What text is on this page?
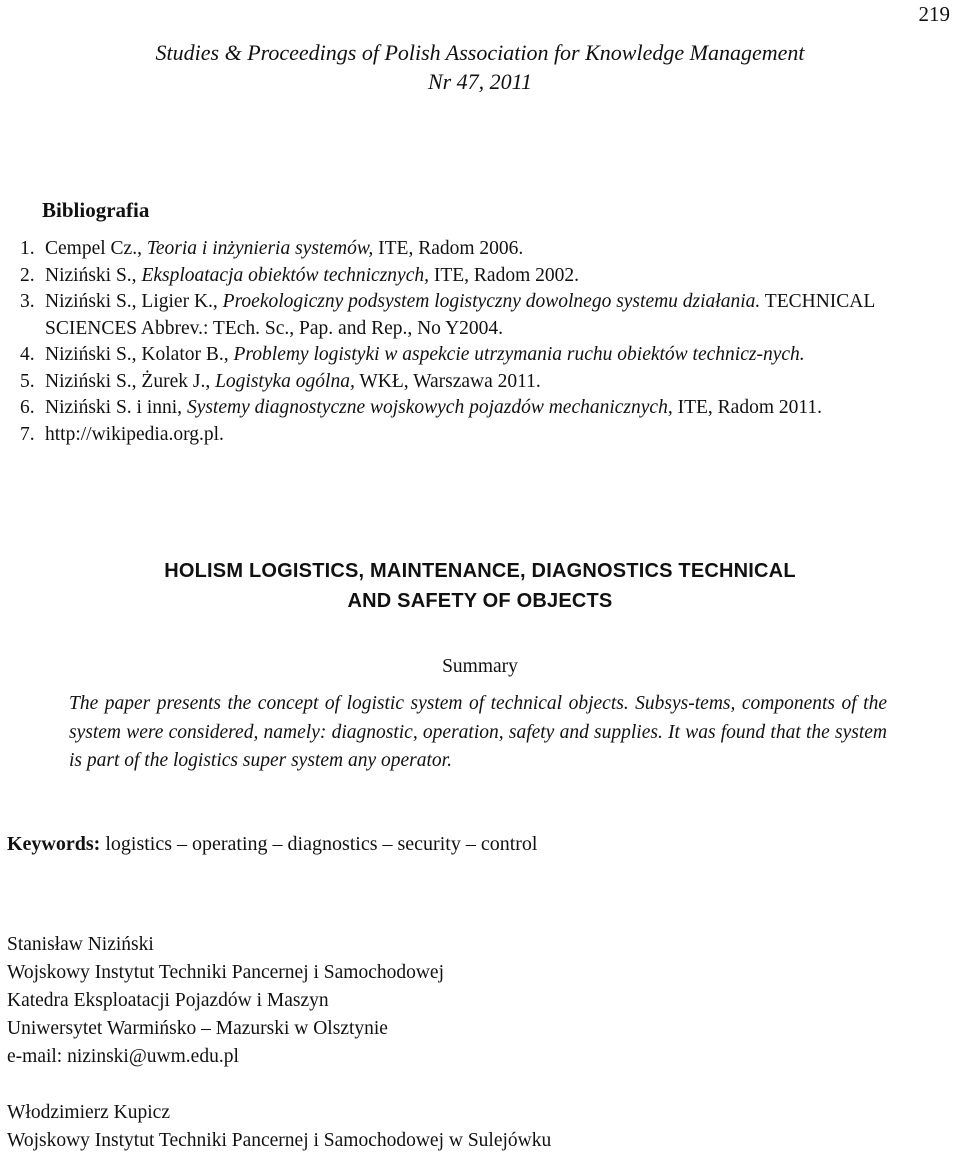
219
Studies & Proceedings of Polish Association for Knowledge Management
Nr 47, 2011
Bibliografia
1. Cempel Cz., Teoria i inżynieria systemów, ITE, Radom 2006.
2. Niziński S., Eksploatacja obiektów technicznych, ITE, Radom 2002.
3. Niziński S., Ligier K., Proekologiczny podsystem logistyczny dowolnego systemu działania. TECHNICAL SCIENCES Abbrev.: TEch. Sc., Pap. and Rep., No Y2004.
4. Niziński S., Kolator B., Problemy logistyki w aspekcie utrzymania ruchu obiektów technicz-nych.
5. Niziński S., Żurek J., Logistyka ogólna, WKŁ, Warszawa 2011.
6. Niziński S. i inni, Systemy diagnostyczne wojskowych pojazdów mechanicznych, ITE, Radom 2011.
7. http://wikipedia.org.pl.
HOLISM LOGISTICS, MAINTENANCE, DIAGNOSTICS TECHNICAL
AND SAFETY OF OBJECTS
Summary
The paper presents the concept of logistic system of technical objects. Subsys-tems, components of the system were considered, namely: diagnostic, operation, safety and supplies. It was found that the system is part of the logistics super system any operator.
Keywords: logistics – operating – diagnostics – security – control
Stanisław Niziński
Wojskowy Instytut Techniki Pancernej i Samochodowej
Katedra Eksploatacji Pojazdów i Maszyn
Uniwersytet Warmińsko – Mazurski w Olsztynie
e-mail: nizinski@uwm.edu.pl
Włodzimierz Kupicz
Wojskowy Instytut Techniki Pancernej i Samochodowej w Sulejówku
